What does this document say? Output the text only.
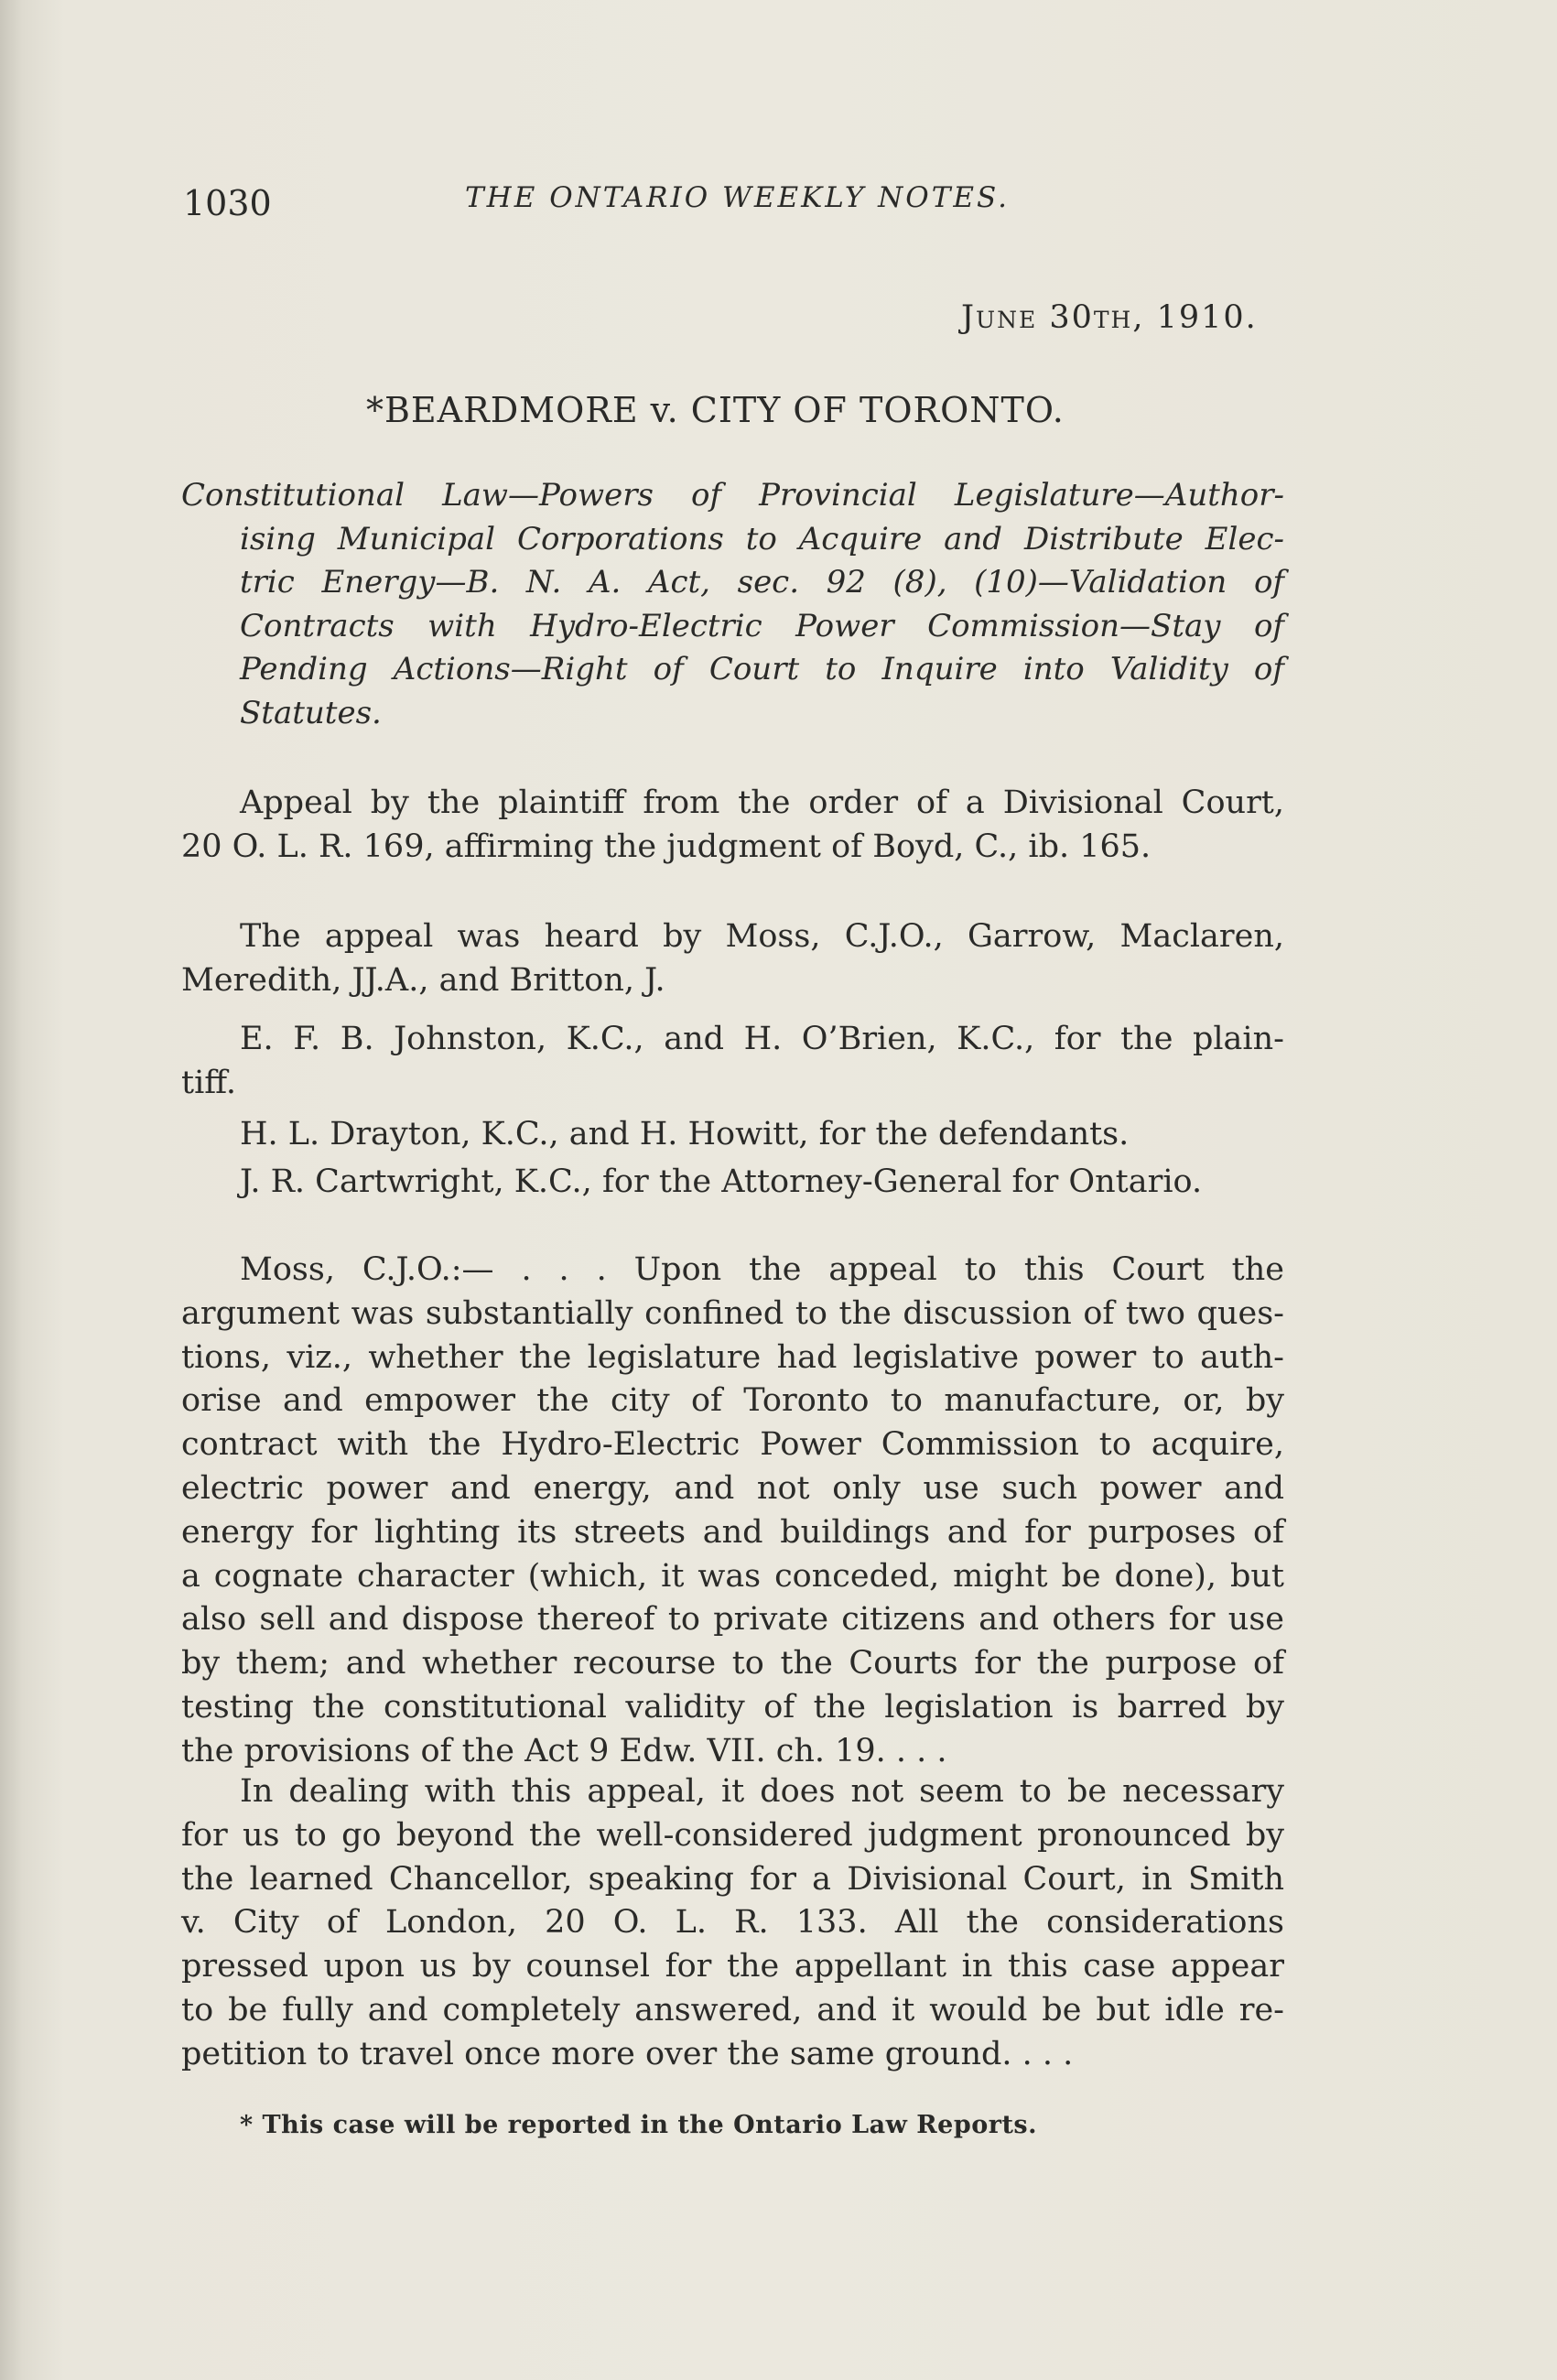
1030	THE ONTARIO WEEKLY NOTES.
June 30th, 1910.
*BEARDMORE v. CITY OF TORONTO.
Constitutional Law—Powers of Provincial Legislature—Author-
ising Municipal Corporations to Acquire and Distribute Elec-
tric Energy—B. N. A. Act, sec. 92 (8), (10)—Validation of
Contracts with Hydro-Electric Power Commission—Stay of
Pending Actions—Right of Court to Inquire into Validity of
Statutes.
Appeal by the plaintiff from the order of a Divisional Court,
20 O. L. R. 169, affirming the judgment of Boyd, C., ib. 165.
The appeal was heard by Moss, C.J.O., Garrow, Maclaren,
Meredith, JJ.A., and Britton, J.
E. F. B. Johnston, K.C., and H. O’Brien, K.C., for the plain-
tiff.
H. L. Drayton, K.C., and H. Howitt, for the defendants.
J. R. Cartwright, K.C., for the Attorney-General for Ontario.
Moss, C.J.O.:— . . . Upon the appeal to this Court the
argument was substantially confined to the discussion of two ques-
tions, viz., whether the legislature had legislative power to auth-
orise and empower the city of Toronto to manufacture, or, by
contract with the Hydro-Electric Power Commission to acquire,
electric power and energy, and not only use such power and
energy for lighting its streets and buildings and for purposes of
a cognate character (which, it was conceded, might be done), but
also sell and dispose thereof to private citizens and others for use
by them; and whether recourse to the Courts for the purpose of
testing the constitutional validity of the legislation is barred by
the provisions of the Act 9 Edw. VII. ch. 19. . . .
In dealing with this appeal, it does not seem to be necessary
for us to go beyond the well-considered judgment pronounced by
the learned Chancellor, speaking for a Divisional Court, in Smith
v. City of London, 20 O. L. R. 133. All the considerations
pressed upon us by counsel for the appellant in this case appear
to be fully and completely answered, and it would be but idle re-
petition to travel once more over the same ground. . . .
* This case will be reported in the Ontario Law Reports.
